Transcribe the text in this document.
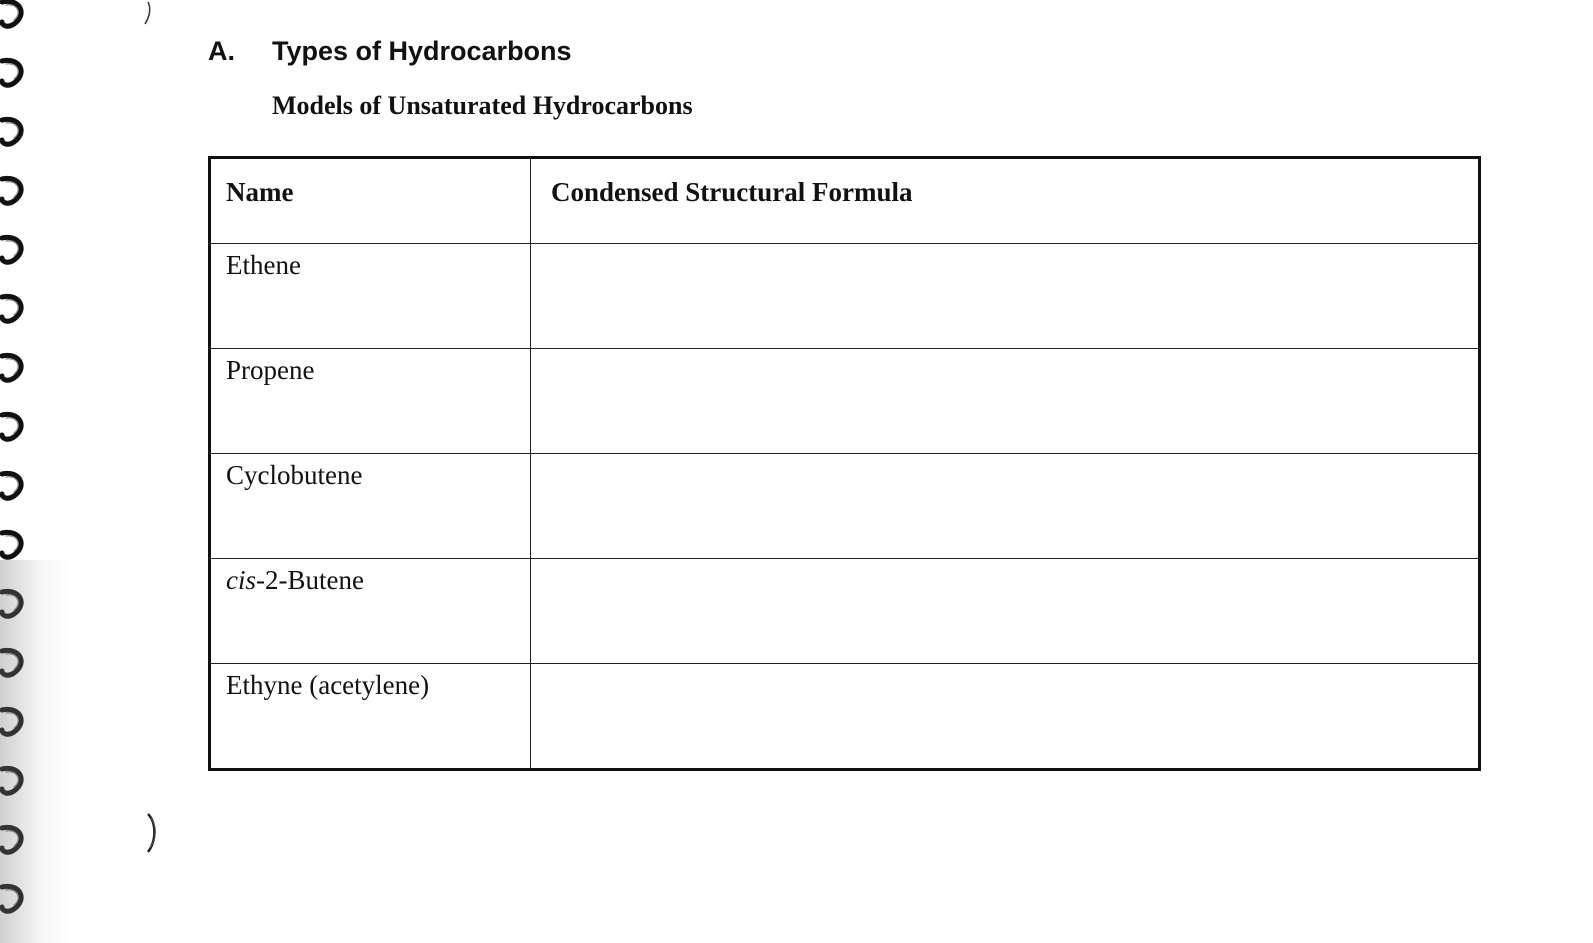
A. Types of Hydrocarbons
Models of Unsaturated Hydrocarbons
Name	Condensed Structural Formula

Ethene	

Propene	

Cyclobutene	

cis-2-Butene	

Ethyne (acetylene)	
